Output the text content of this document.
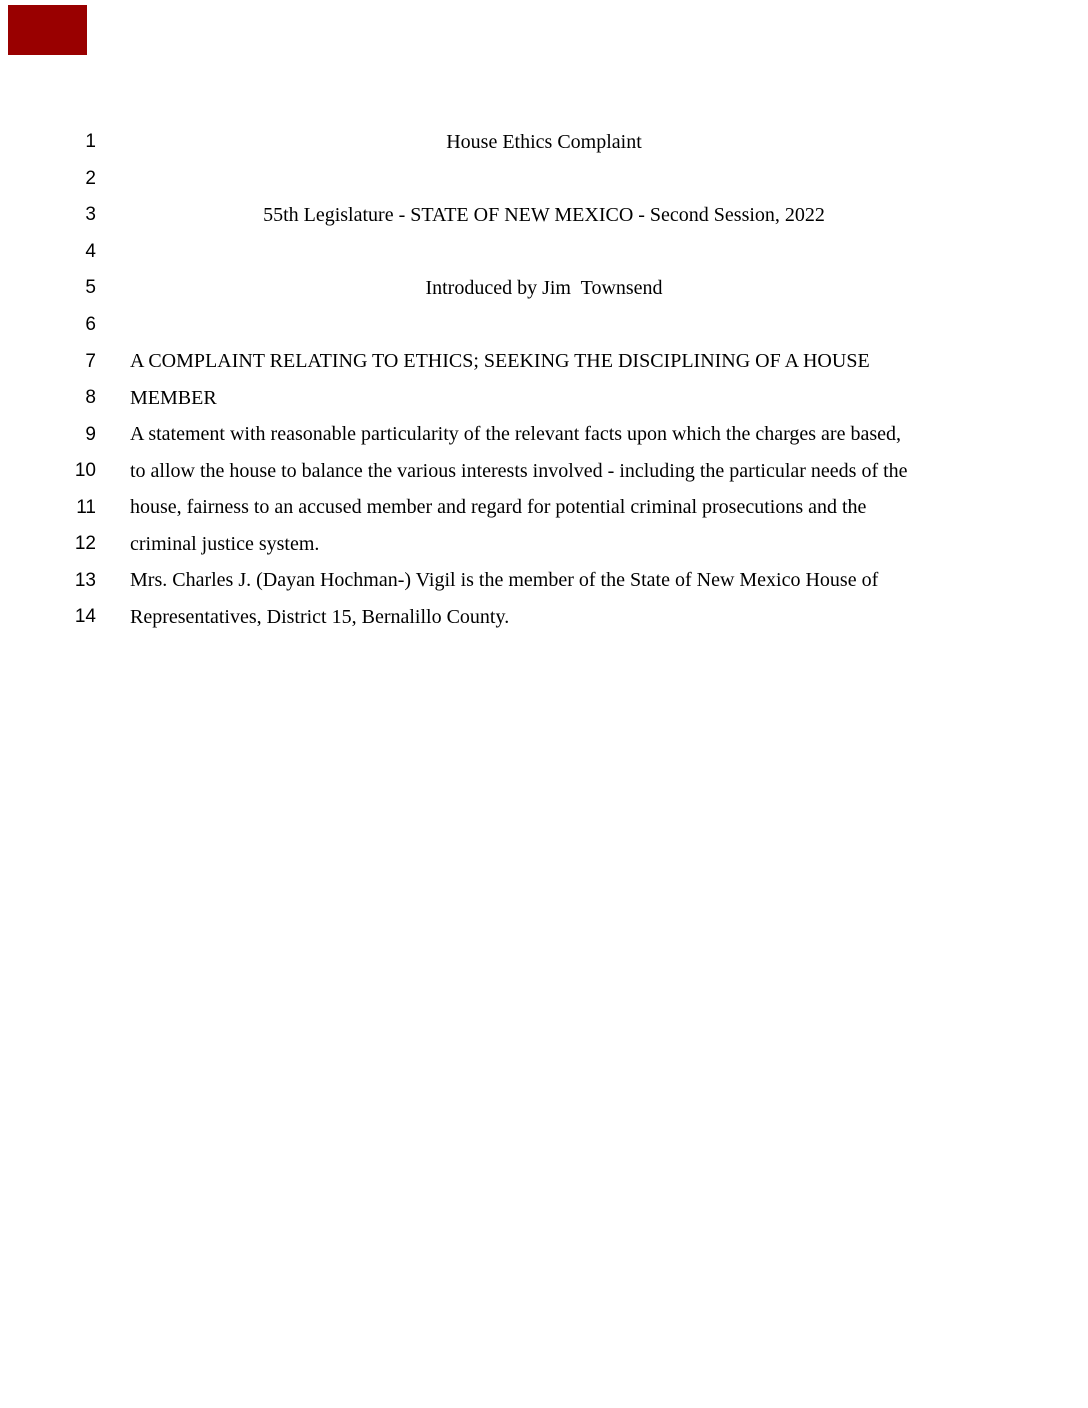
1	House Ethics Complaint
2
3	55th Legislature - STATE OF NEW MEXICO - Second Session, 2022
4
5	Introduced by Jim  Townsend
6
7 A COMPLAINT RELATING TO ETHICS; SEEKING THE DISCIPLINING OF A HOUSE
8 MEMBER
9 A statement with reasonable particularity of the relevant facts upon which the charges are based,
10 to allow the house to balance the various interests involved - including the particular needs of the
11 house, fairness to an accused member and regard for potential criminal prosecutions and the
12 criminal justice system.
13 Mrs. Charles J. (Dayan Hochman-) Vigil is the member of the State of New Mexico House of
14 Representatives, District 15, Bernalillo County.
